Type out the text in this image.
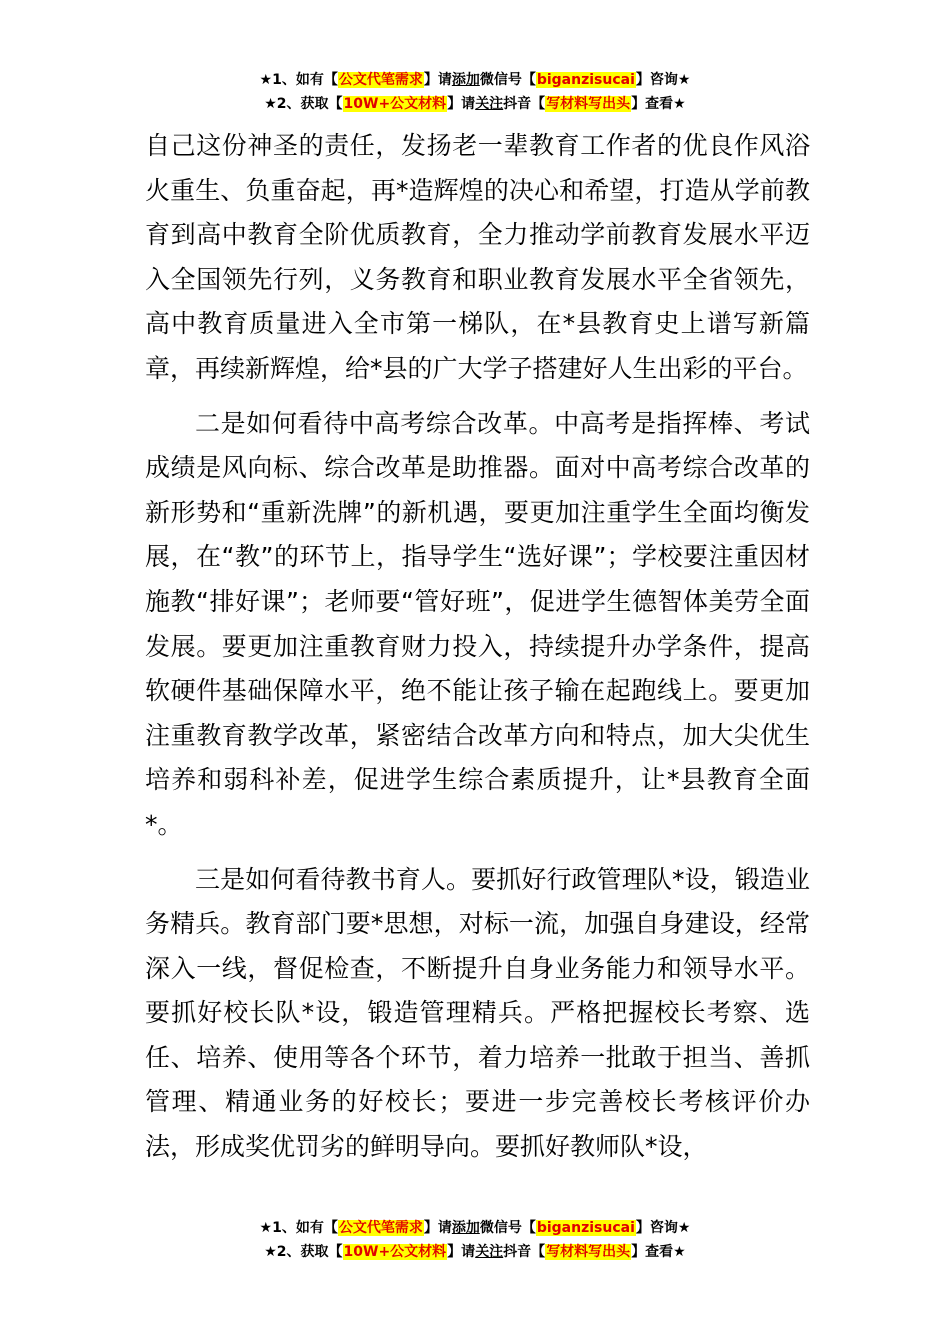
★1、如有【公文代笔需求】请添加微信号【biganzisucai】咨询★
★2、获取【10W+公文材料】请关注抖音【写材料写出头】查看★

自己这份神圣的责任，发扬老一辈教育工作者的优良作风浴火重生、负重奋起，再*造辉煌的决心和希望，打造从学前教育到高中教育全阶优质教育，全力推动学前教育发展水平迈入全国领先行列，义务教育和职业教育发展水平全省领先，高中教育质量进入全市第一梯队，在*县教育史上谱写新篇章，再续新辉煌，给*县的广大学子搭建好人生出彩的平台。

二是如何看待中高考综合改革。中高考是指挥棒、考试成绩是风向标、综合改革是助推器。面对中高考综合改革的新形势和“重新洗牌”的新机遇，要更加注重学生全面均衡发展，在“教”的环节上，指导学生“选好课”；学校要注重因材施教“排好课”；老师要“管好班”，促进学生德智体美劳全面发展。要更加注重教育财力投入，持续提升办学条件，提高软硬件基础保障水平，绝不能让孩子输在起跑线上。要更加注重教育教学改革，紧密结合改革方向和特点，加大尖优生培养和弱科补差，促进学生综合素质提升，让*县教育全面*。

三是如何看待教书育人。要抓好行政管理队*设，锻造业务精兵。教育部门要*思想，对标一流，加强自身建设，经常深入一线，督促检查，不断提升自身业务能力和领导水平。要抓好校长队*设，锻造管理精兵。严格把握校长考察、选任、培养、使用等各个环节，着力培养一批敢于担当、善抓管理、精通业务的好校长；要进一步完善校长考核评价办法，形成奖优罚劣的鲜明导向。要抓好教师队*设，

★1、如有【公文代笔需求】请添加微信号【biganzisucai】咨询★
★2、获取【10W+公文材料】请关注抖音【写材料写出头】查看★
